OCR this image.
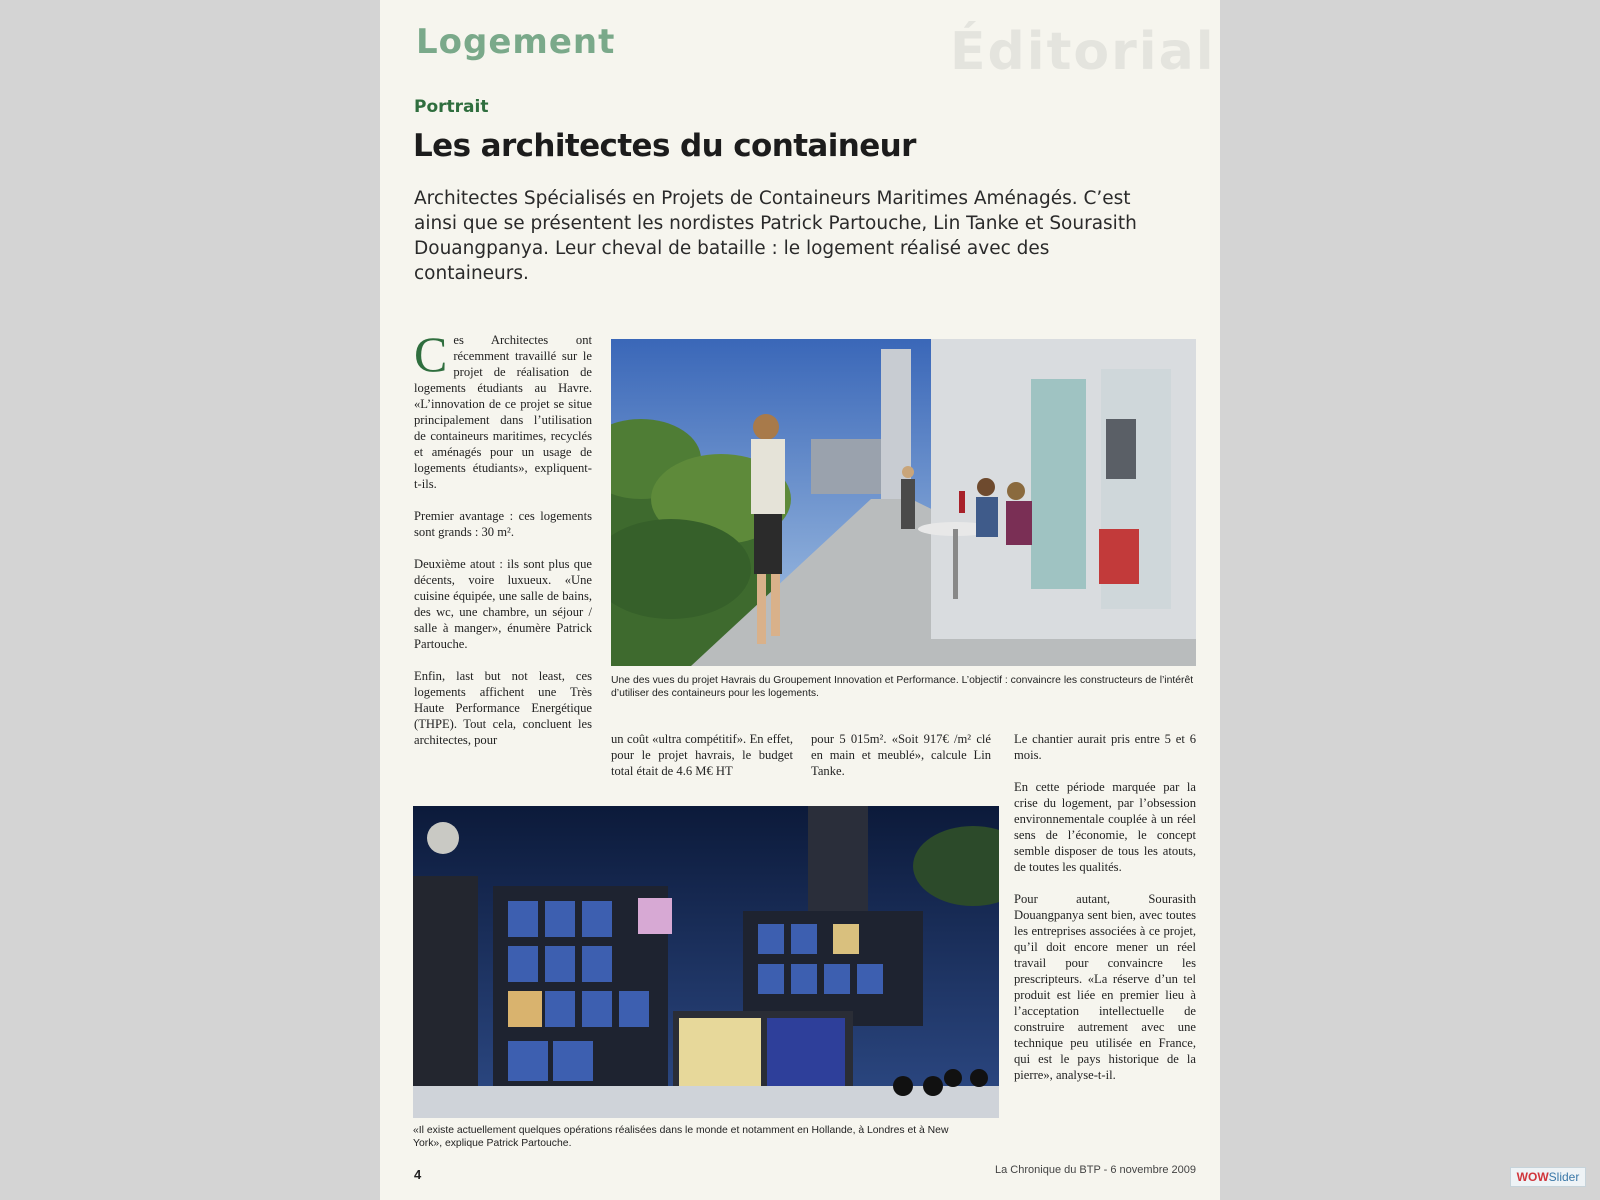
Éditorial
Logement
Portrait
Les architectes du containeur

Architectes Spécialisés en Projets de Containeurs Maritimes Aménagés. C’est ainsi que se présentent les nordistes Patrick Partouche, Lin Tanke et Sourasith Douangpanya. Leur cheval de bataille : le logement réalisé avec des containeurs.

Ces Architectes ont récemment travaillé sur le projet de réalisation de logements étudiants au Havre. «L’innovation de ce projet se situe principalement dans l’utilisation de containeurs maritimes, recyclés et aménagés pour un usage de logements étudiants», expliquent-t-ils.

Premier avantage : ces logements sont grands : 30 m².

Deuxième atout : ils sont plus que décents, voire luxueux. «Une cuisine équipée, une salle de bains, des wc, une chambre, un séjour / salle à manger», énumère Patrick Partouche.

Enfin, last but not least, ces logements affichent une Très Haute Performance Energétique (THPE). Tout cela, concluent les architectes, pour

Une des vues du projet Havrais du Groupement Innovation et Performance. L’objectif : convaincre les constructeurs de l’intérêt d’utiliser des containeurs pour les logements.

un coût «ultra compétitif». En effet, pour le projet havrais, le budget total était de 4.6 M€ HT

pour 5 015m². «Soit 917€ /m² clé en main et meublé», calcule Lin Tanke.

Le chantier aurait pris entre 5 et 6 mois.

En cette période marquée par la crise du logement, par l’obsession environnementale couplée à un réel sens de l’économie, le concept semble disposer de tous les atouts, de toutes les qualités.

Pour autant, Sourasith Douangpanya sent bien, avec toutes les entreprises associées à ce projet, qu’il doit encore mener un réel travail pour convaincre les prescripteurs. «La réserve d’un tel produit est liée en premier lieu à l’acceptation intellectuelle de construire autrement avec une technique peu utilisée en France, qui est le pays historique de la pierre», analyse-t-il.

«Il existe actuellement quelques opérations réalisées dans le monde et notamment en Hollande, à Londres et à New York», explique Patrick Partouche.

4	La Chronique du BTP - 6 novembre 2009	WOWSlider
